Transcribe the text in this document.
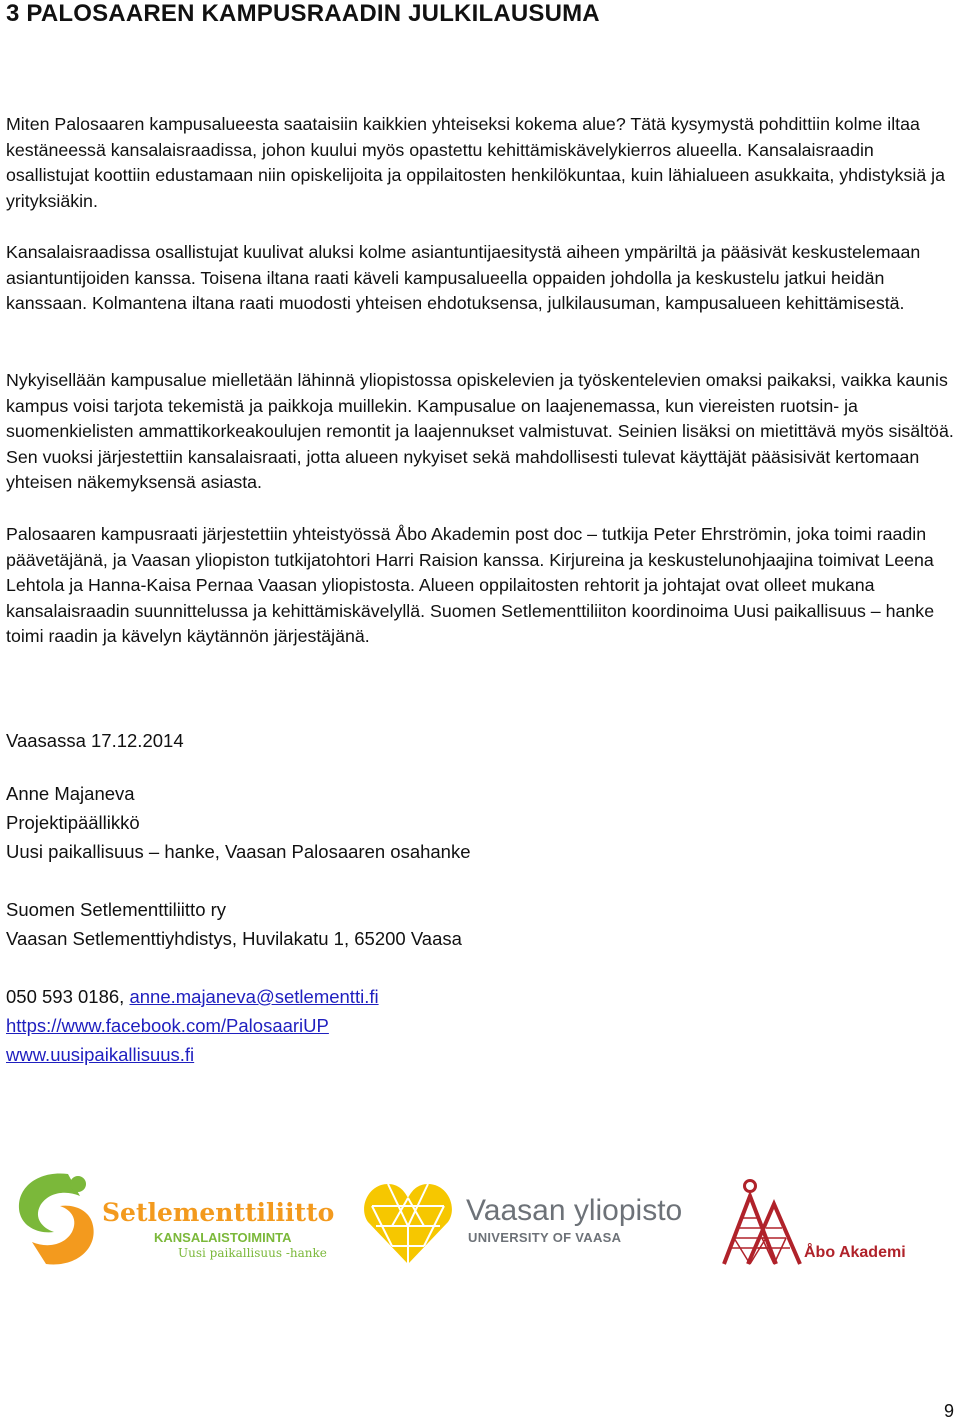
3 PALOSAAREN KAMPUSRAADIN JULKILAUSUMA

Miten Palosaaren kampusalueesta saataisiin kaikkien yhteiseksi kokema alue? Tätä kysymystä pohdittiin kolme iltaa kestäneessä kansalaisraadissa, johon kuului myös opastettu kehittämiskävelykierros alueella. Kansalaisraadin osallistujat koottiin edustamaan niin opiskelijoita ja oppilaitosten henkilökuntaa, kuin lähialueen asukkaita, yhdistyksiä ja yrityksiäkin.

Kansalaisraadissa osallistujat kuulivat aluksi kolme asiantuntijaesitystä aiheen ympäriltä ja pääsivät keskustelemaan asiantuntijoiden kanssa. Toisena iltana raati käveli kampusalueella oppaiden johdolla ja keskustelu jatkui heidän kanssaan. Kolmantena iltana raati muodosti yhteisen ehdotuksensa, julkilausuman, kampusalueen kehittämisestä.

Nykyisellään kampusalue mielletään lähinnä yliopistossa opiskelevien ja työskentelevien omaksi paikaksi, vaikka kaunis kampus voisi tarjota tekemistä ja paikkoja muillekin. Kampusalue on laajenemassa, kun viereisten ruotsin- ja suomenkielisten ammattikorkeakoulujen remontit ja laajennukset valmistuvat. Seinien lisäksi on mietittävä myös sisältöä. Sen vuoksi järjestettiin kansalaisraati, jotta alueen nykyiset sekä mahdollisesti tulevat käyttäjät pääsisivät kertomaan yhteisen näkemyksensä asiasta.

Palosaaren kampusraati järjestettiin yhteistyössä Åbo Akademin post doc – tutkija Peter Ehrströmin, joka toimi raadin päävetäjänä, ja Vaasan yliopiston tutkijatohtori Harri Raision kanssa. Kirjureina ja keskustelunohjaajina toimivat Leena Lehtola ja Hanna-Kaisa Pernaa Vaasan yliopistosta. Alueen oppilaitosten rehtorit ja johtajat ovat olleet mukana kansalaisraadin suunnittelussa ja kehittämiskävelyllä. Suomen Setlementtiliiton koordinoima Uusi paikallisuus – hanke toimi raadin ja kävelyn käytännön järjestäjänä.

Vaasassa 17.12.2014
Anne Majaneva
Projektipäällikkö
Uusi paikallisuus – hanke, Vaasan Palosaaren osahanke
Suomen Setlementtiliitto ry
Vaasan Setlementtiyhdistys, Huvilakatu 1, 65200 Vaasa
050 593 0186, anne.majaneva@setlementti.fi
https://www.facebook.com/PalosaariUP
www.uusipaikallisuus.fi
Setlementtiliitto
KANSALAISTOIMINTA
Uusi paikallisuus -hanke
Vaasan yliopisto
UNIVERSITY OF VAASA
Åbo Akademi
9
